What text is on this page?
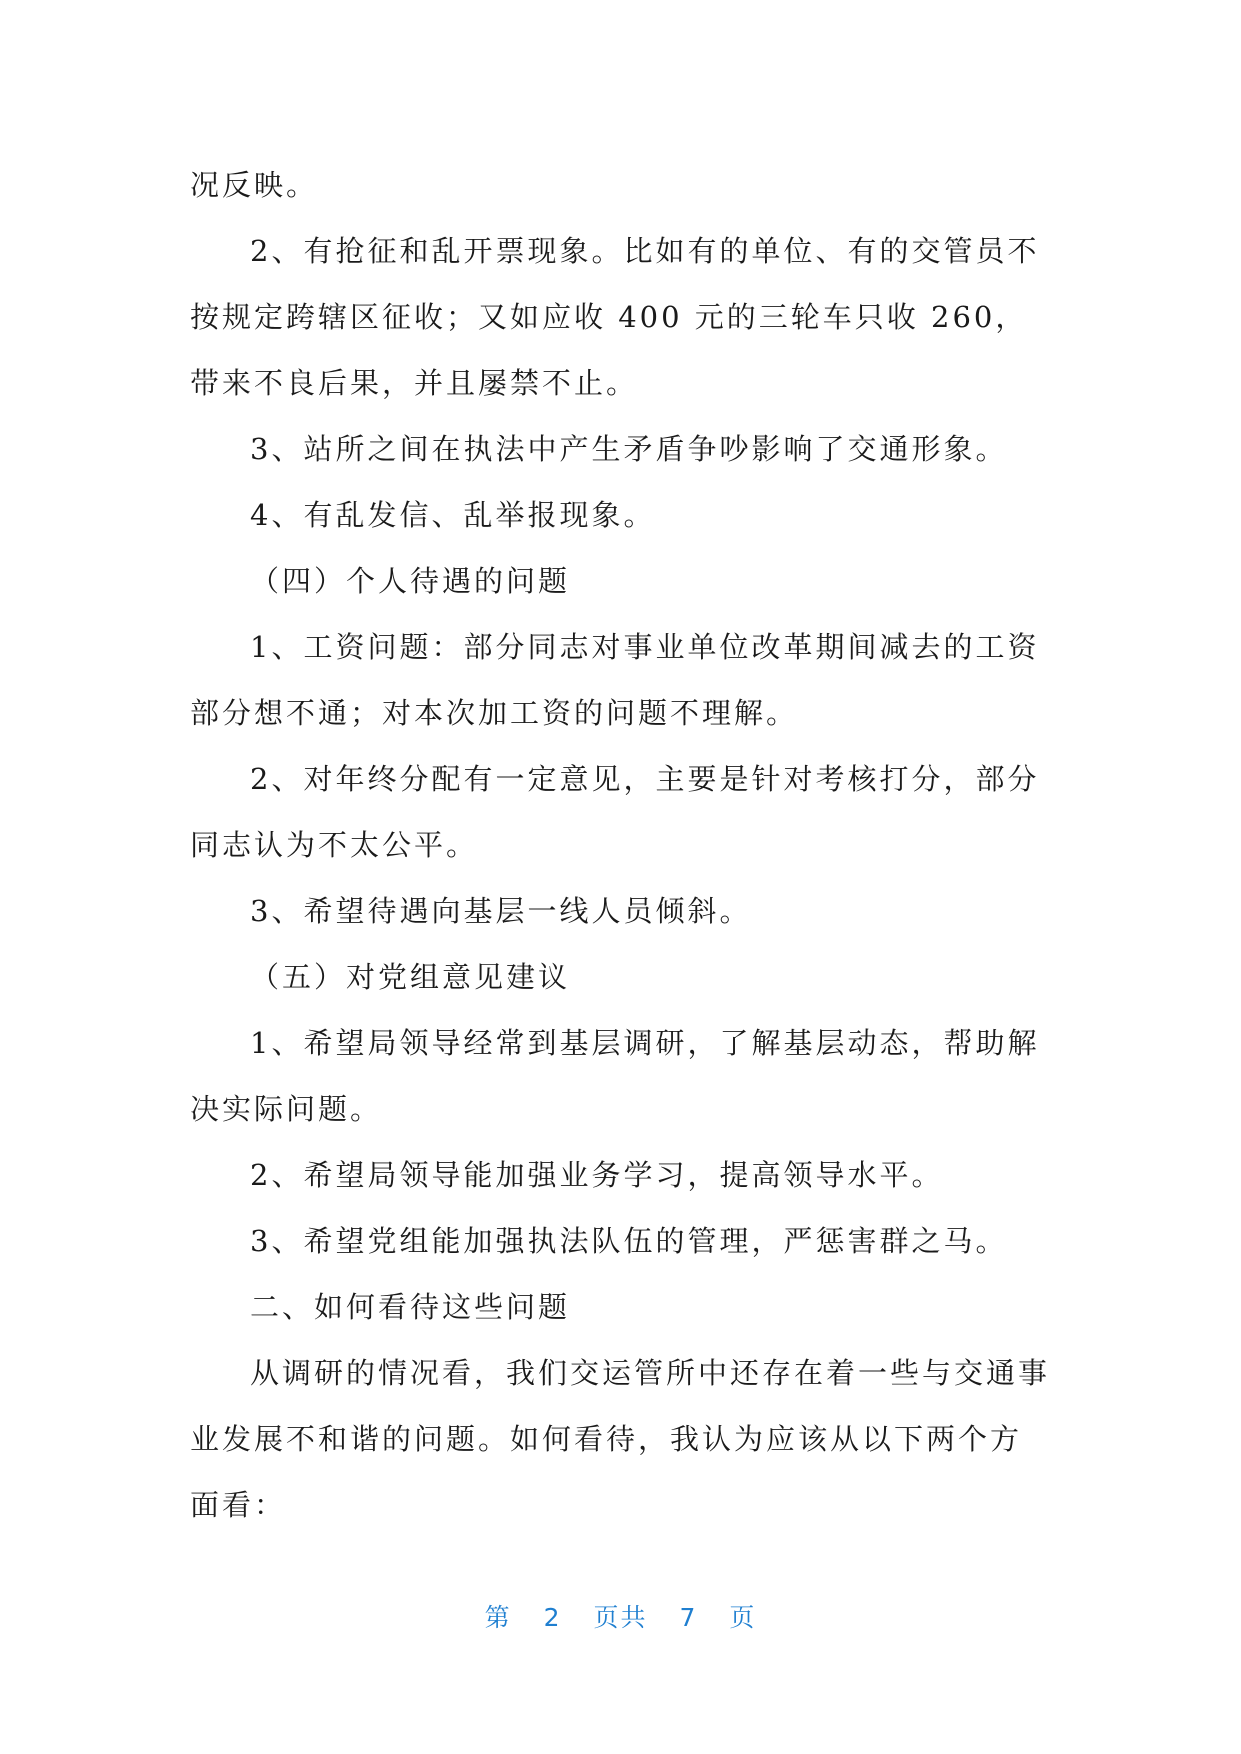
况反映。

2、有抢征和乱开票现象。比如有的单位、有的交管员不按规定跨辖区征收；又如应收 400 元的三轮车只收 260，带来不良后果，并且屡禁不止。

3、站所之间在执法中产生矛盾争吵影响了交通形象。

4、有乱发信、乱举报现象。

（四）个人待遇的问题

1、工资问题：部分同志对事业单位改革期间减去的工资部分想不通；对本次加工资的问题不理解。

2、对年终分配有一定意见，主要是针对考核打分，部分同志认为不太公平。

3、希望待遇向基层一线人员倾斜。

（五）对党组意见建议

1、希望局领导经常到基层调研，了解基层动态，帮助解决实际问题。

2、希望局领导能加强业务学习，提高领导水平。

3、希望党组能加强执法队伍的管理，严惩害群之马。

二、如何看待这些问题

从调研的情况看，我们交运管所中还存在着一些与交通事业发展不和谐的问题。如何看待，我认为应该从以下两个方面看：

第 2 页共 7 页
